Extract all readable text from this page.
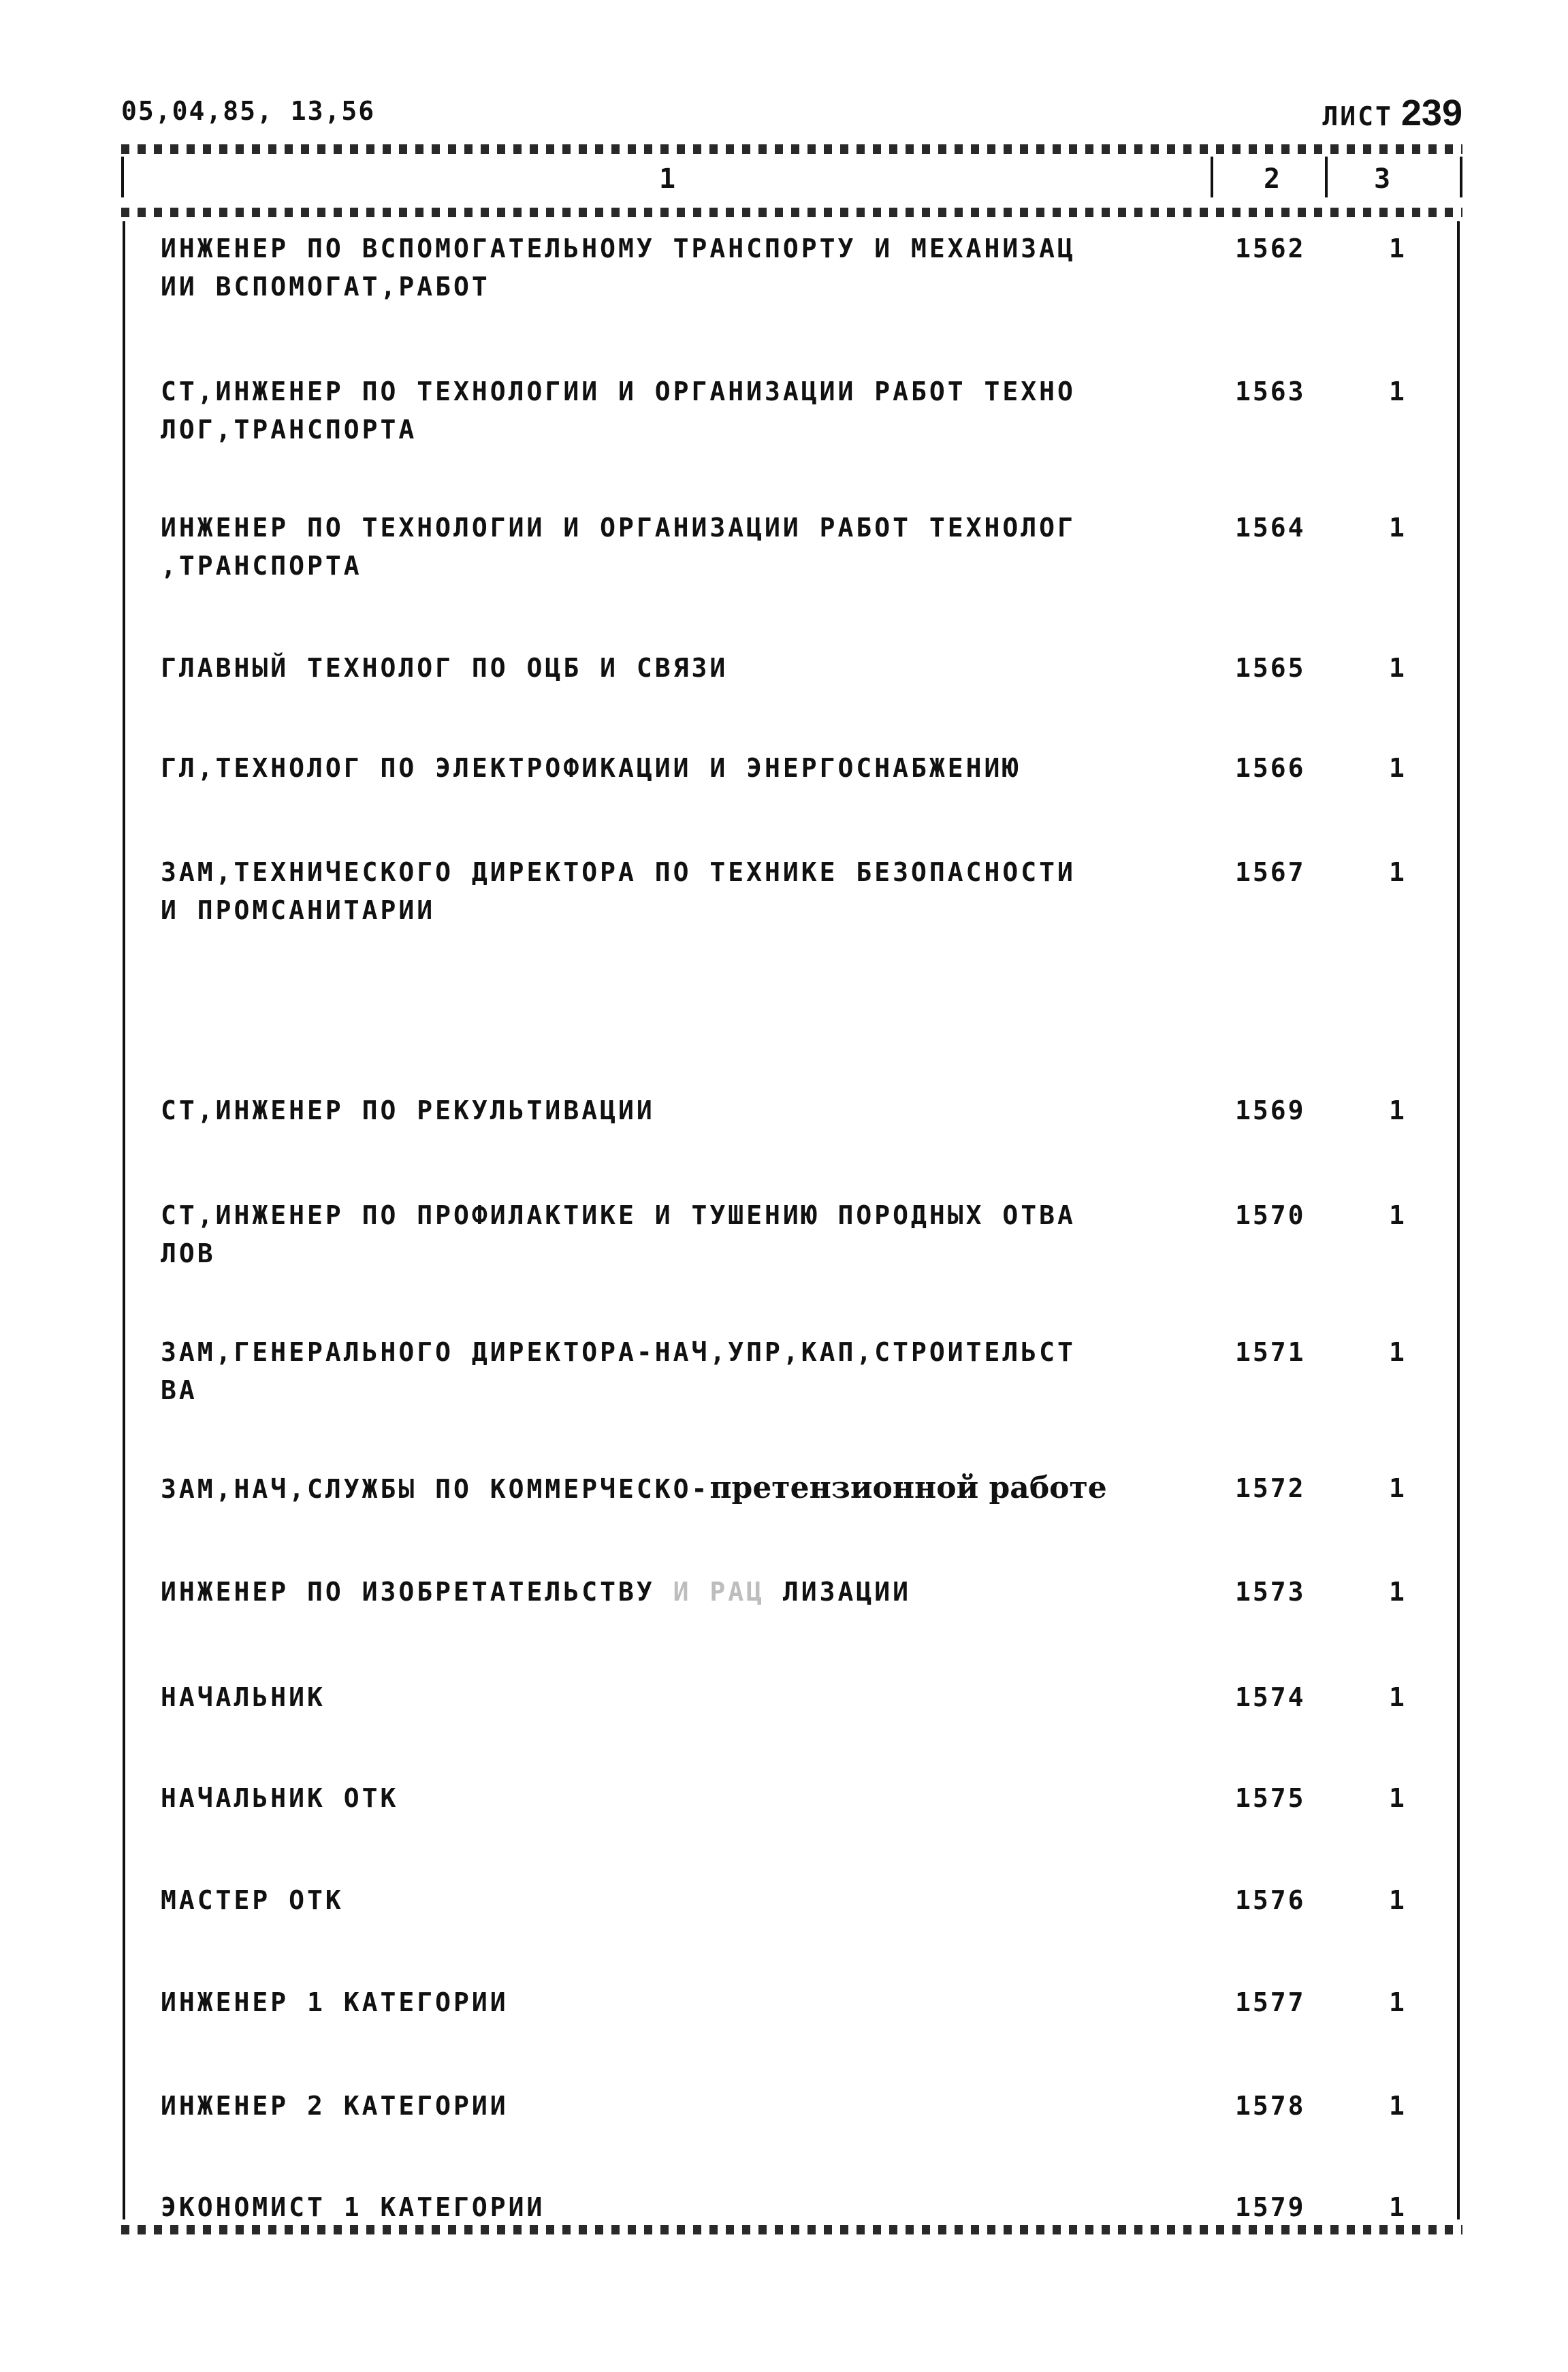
05,04,85, 13,56	ЛИСТ 239
1	2	3
ИНЖЕНЕР ПО ВСПОМОГАТЕЛЬНОМУ ТРАНСПОРТУ И МЕХАНИЗАЦ
ИИ ВСПОМОГАТ,РАБОТ
1562	1
СТ,ИНЖЕНЕР ПО ТЕХНОЛОГИИ И ОРГАНИЗАЦИИ РАБОТ ТЕХНО
ЛОГ,ТРАНСПОРТА
1563	1
ИНЖЕНЕР ПО ТЕХНОЛОГИИ И ОРГАНИЗАЦИИ РАБОТ ТЕХНОЛОГ
,ТРАНСПОРТА
1564	1
ГЛАВНЫЙ ТЕХНОЛОГ ПО ОЦБ И СВЯЗИ	1565	1
ГЛ,ТЕХНОЛОГ ПО ЭЛЕКТРОФИКАЦИИ И ЭНЕРГОСНАБЖЕНИЮ	1566	1
ЗАМ,ТЕХНИЧЕСКОГО ДИРЕКТОРА ПО ТЕХНИКЕ БЕЗОПАСНОСТИ
И ПРОМСАНИТАРИИ
1567	1
СТ,ИНЖЕНЕР ПО РЕКУЛЬТИВАЦИИ	1569	1
СТ,ИНЖЕНЕР ПО ПРОФИЛАКТИКЕ И ТУШЕНИЮ ПОРОДНЫХ ОТВА
ЛОВ
1570	1
ЗАМ,ГЕНЕРАЛЬНОГО ДИРЕКТОРА-НАЧ,УПР,КАП,СТРОИТЕЛЬСТ
ВА
1571	1
ЗАМ,НАЧ,СЛУЖБЫ ПО КОММЕРЧЕСКО-претензионной работе	1572	1
ИНЖЕНЕР ПО ИЗОБРЕТАТЕЛЬСТВУ И РАЦ ЛИЗАЦИИ	1573	1
НАЧАЛЬНИК	1574	1
НАЧАЛЬНИК ОТК	1575	1
МАСТЕР ОТК	1576	1
ИНЖЕНЕР 1 КАТЕГОРИИ	1577	1
ИНЖЕНЕР 2 КАТЕГОРИИ	1578	1
ЭКОНОМИСТ 1 КАТЕГОРИИ	1579	1
